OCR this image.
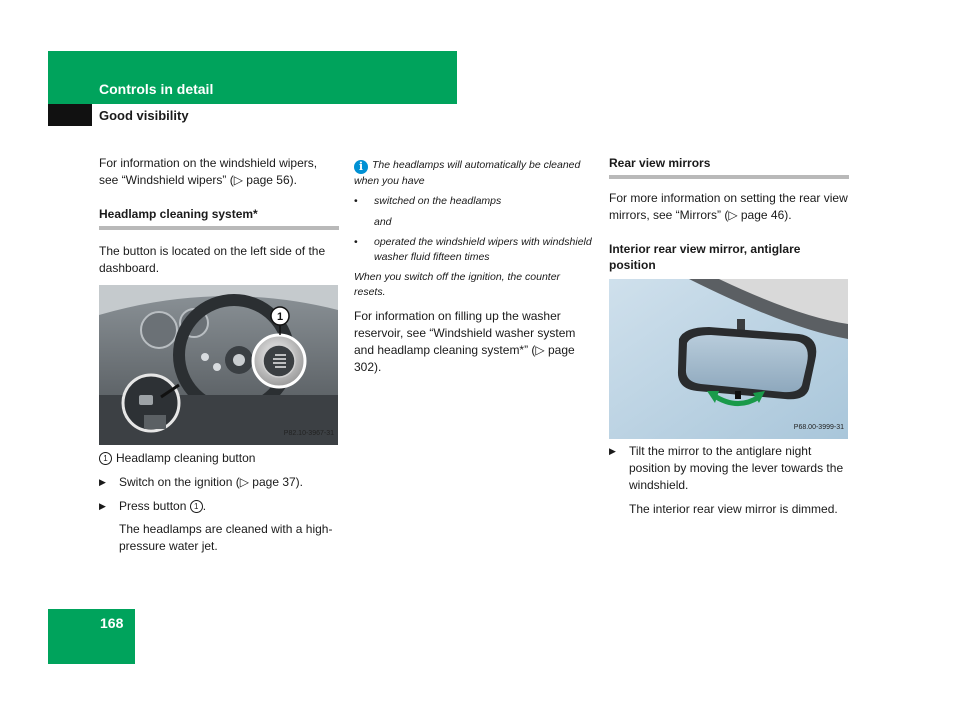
Controls in detail
Good visibility

For information on the windshield wipers, see “Windshield wipers” (▷ page 56).

Headlamp cleaning system*

The button is located on the left side of the dashboard.

1
P82.10-3967-31
1 Headlamp cleaning button
▶	Switch on the ignition (▷ page 37).
▶	Press button 1 .

The headlamps are cleaned with a high-pressure water jet.

i The headlamps will automatically be cleaned when you have

•	switched on the headlamps

and

•	operated the windshield wipers with windshield washer fluid fifteen times

When you switch off the ignition, the counter resets.

For information on filling up the washer reservoir, see “Windshield washer system and headlamp cleaning system*” (▷ page 302).

Rear view mirrors

For more information on setting the rear view mirrors, see “Mirrors” (▷ page 46).

Interior rear view mirror, antiglare position
P68.00-3999-31
▶	Tilt the mirror to the antiglare night position by moving the lever towards the windshield.

The interior rear view mirror is dimmed.

168
